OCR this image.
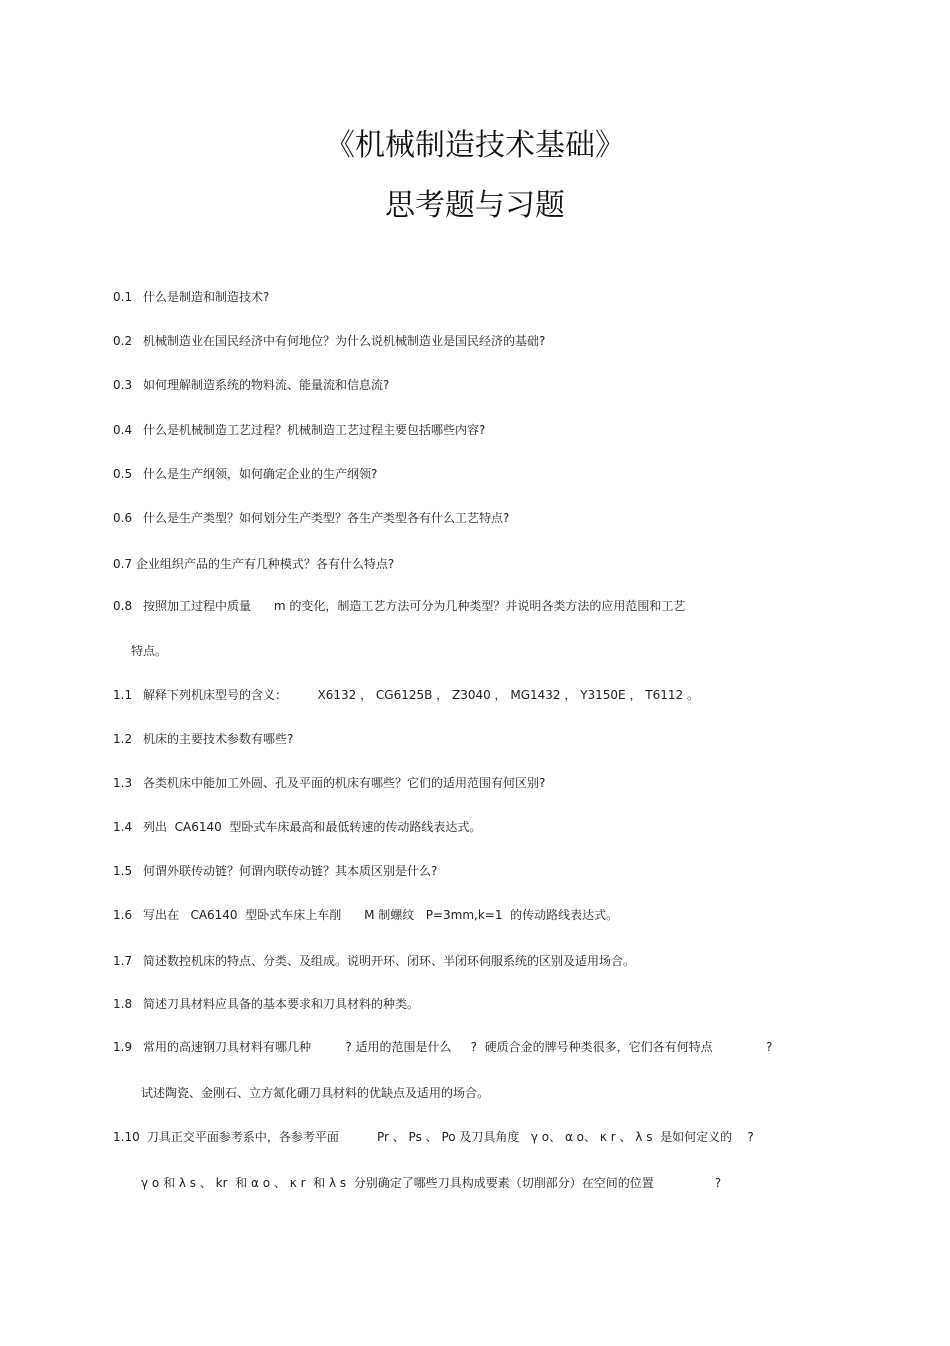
《机械制造技术基础》
思考题与习题
0.1 什么是制造和制造技术?
0.2 机械制造业在国民经济中有何地位？为什么说机械制造业是国民经济的基础?
0.3 如何理解制造系统的物料流、能量流和信息流?
0.4 什么是机械制造工艺过程？机械制造工艺过程主要包括哪些内容?
0.5 什么是生产纲领，如何确定企业的生产纲领?
0.6 什么是生产类型？如何划分生产类型？各生产类型各有什么工艺特点?
0.7 企业组织产品的生产有几种模式？各有什么特点?
0.8 按照加工过程中质量      m 的变化，制造工艺方法可分为几种类型？并说明各类方法的应用范围和工艺
特点。
1.1 解释下列机床型号的含义：        X6132 ， CG6125B ， Z3040 ， MG1432 ， Y3150E ， T6112 。
1.2 机床的主要技术参数有哪些?
1.3 各类机床中能加工外圆、孔及平面的机床有哪些？它们的适用范围有何区别?
1.4 列出  CA6140  型卧式车床最高和最低转速的传动路线表达式。
1.5 何谓外联传动链？何谓内联传动链？其本质区别是什么?
1.6 写出在   CA6140  型卧式车床上车削      M 制螺纹   P=3mm,k=1  的传动路线表达式。
1.7 简述数控机床的特点、分类、及组成。说明开环、闭环、半闭环伺服系统的区别及适用场合。
1.8 简述刀具材料应具备的基本要求和刀具材料的种类。
1.9 常用的高速钢刀具材料有哪几种         ? 适用的范围是什么     ?  硬质合金的牌号种类很多，它们各有何特点              ?
试述陶瓷、金刚石、立方氮化硼刀具材料的优缺点及适用的场合。
1.10 刀具正交平面参考系中，各参考平面          Pr 、 Ps 、 Po 及刀具角度   γ o、 α o、 κ r 、 λ s  是如何定义的    ?
γ o 和 λ s 、 kr  和 α o 、 κ r  和 λ s  分别确定了哪些刀具构成要素（切削部分）在空间的位置                ?
